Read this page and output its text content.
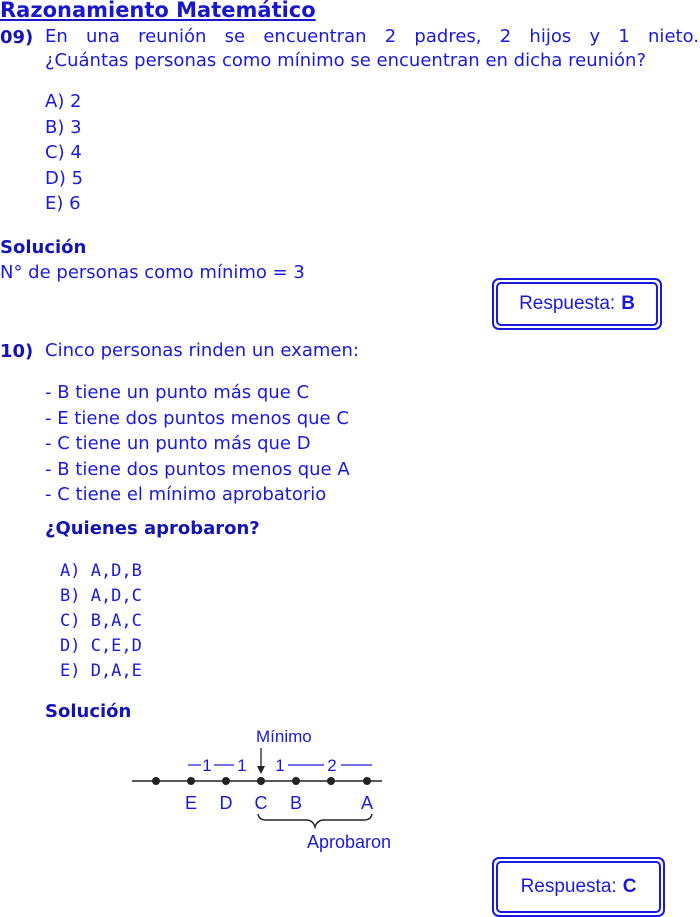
Razonamiento Matemático
09) En una reunión se encuentran 2 padres, 2 hijos y 1 nieto.
¿Cuántas personas como mínimo se encuentran en dicha reunión?
A) 2
B) 3
C) 4
D) 5
E) 6
Solución
N° de personas como mínimo = 3
Respuesta: B
10) Cinco personas rinden un examen:
- B tiene un punto más que C
- E tiene dos puntos menos que C
- C tiene un punto más que D
- B tiene dos puntos menos que A
- C tiene el mínimo aprobatorio
¿Quienes aprobaron?
A) A,D,B
B) A,D,C
C) B,A,C
D) C,E,D
E) D,A,E
Solución
Mínimo
1 1 1	2
E D C B	A
Aprobaron
Respuesta: C
